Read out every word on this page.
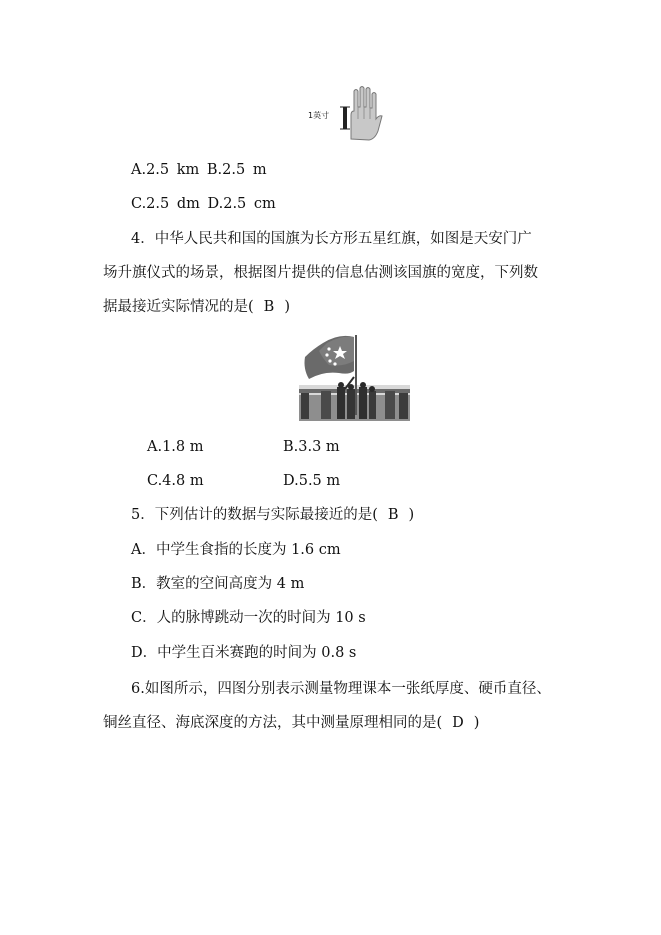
1英寸
A.2.5 km B.2.5 m
C.2.5 dm D.2.5 cm
4．中华人民共和国的国旗为长方形五星红旗，如图是天安门广
场升旗仪式的场景，根据图片提供的信息估测该国旗的宽度，下列数
据最接近实际情况的是( B )
A.1.8 m	B.3.3 m
C.4.8 m	D.5.5 m
5．下列估计的数据与实际最接近的是( B )
A．中学生食指的长度为 1.6 cm
B．教室的空间高度为 4 m
C．人的脉博跳动一次的时间为 10 s
D．中学生百米赛跑的时间为 0.8 s
6.如图所示，四图分别表示测量物理课本一张纸厚度、硬币直径、
铜丝直径、海底深度的方法，其中测量原理相同的是( D )
